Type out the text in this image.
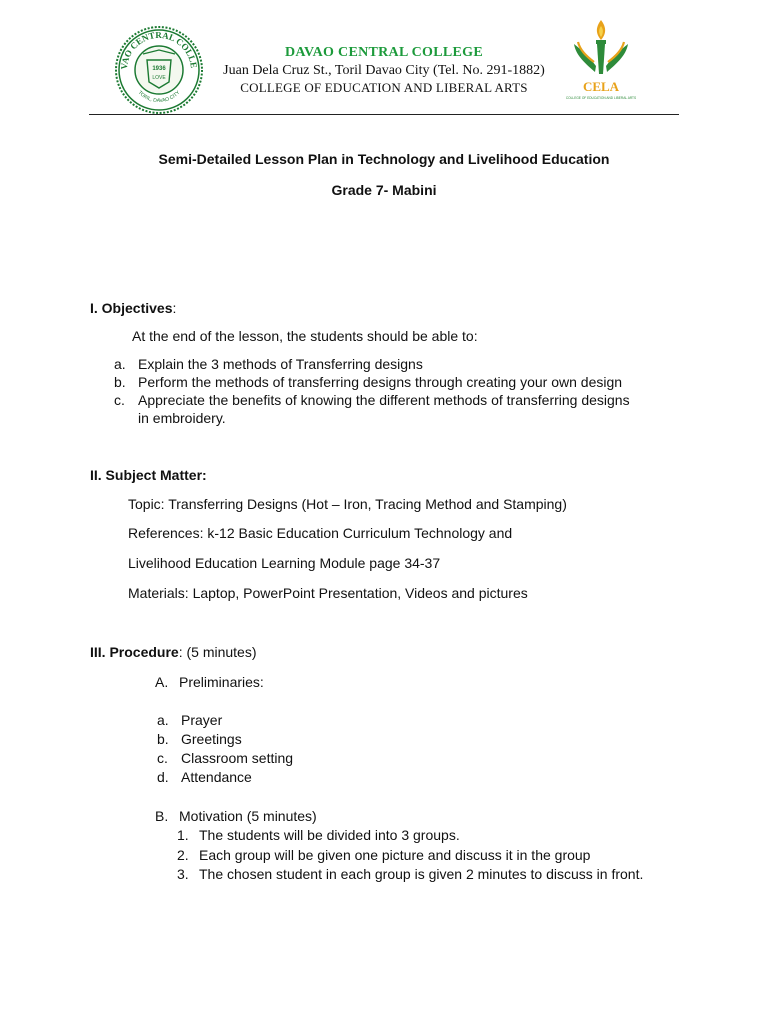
VAO CENTRAL COLLE
TORIL, DAVAO CITY
1936
LOVE
DAVAO CENTRAL COLLEGE
Juan Dela Cruz St., Toril Davao City (Tel. No. 291-1882)
COLLEGE OF EDUCATION AND LIBERAL ARTS	CELA
COLLEGE OF EDUCATION AND LIBERAL ARTS
Semi-Detailed Lesson Plan in Technology and Livelihood Education
Grade 7- Mabini
I. Objectives:
At the end of the lesson, the students should be able to:
a. Explain the 3 methods of Transferring designs
b. Perform the methods of transferring designs through creating your own design
c. Appreciate the benefits of knowing the different methods of transferring designs
in embroidery.
II. Subject Matter:
Topic: Transferring Designs (Hot – Iron, Tracing Method and Stamping)
References: k-12 Basic Education Curriculum Technology and
Livelihood Education Learning Module page 34-37
Materials: Laptop, PowerPoint Presentation, Videos and pictures
III. Procedure: (5 minutes)
A. Preliminaries:
a. Prayer
b. Greetings
c. Classroom setting
d. Attendance
B. Motivation (5 minutes)
1. The students will be divided into 3 groups.
2. Each group will be given one picture and discuss it in the group
3. The chosen student in each group is given 2 minutes to discuss in front.
